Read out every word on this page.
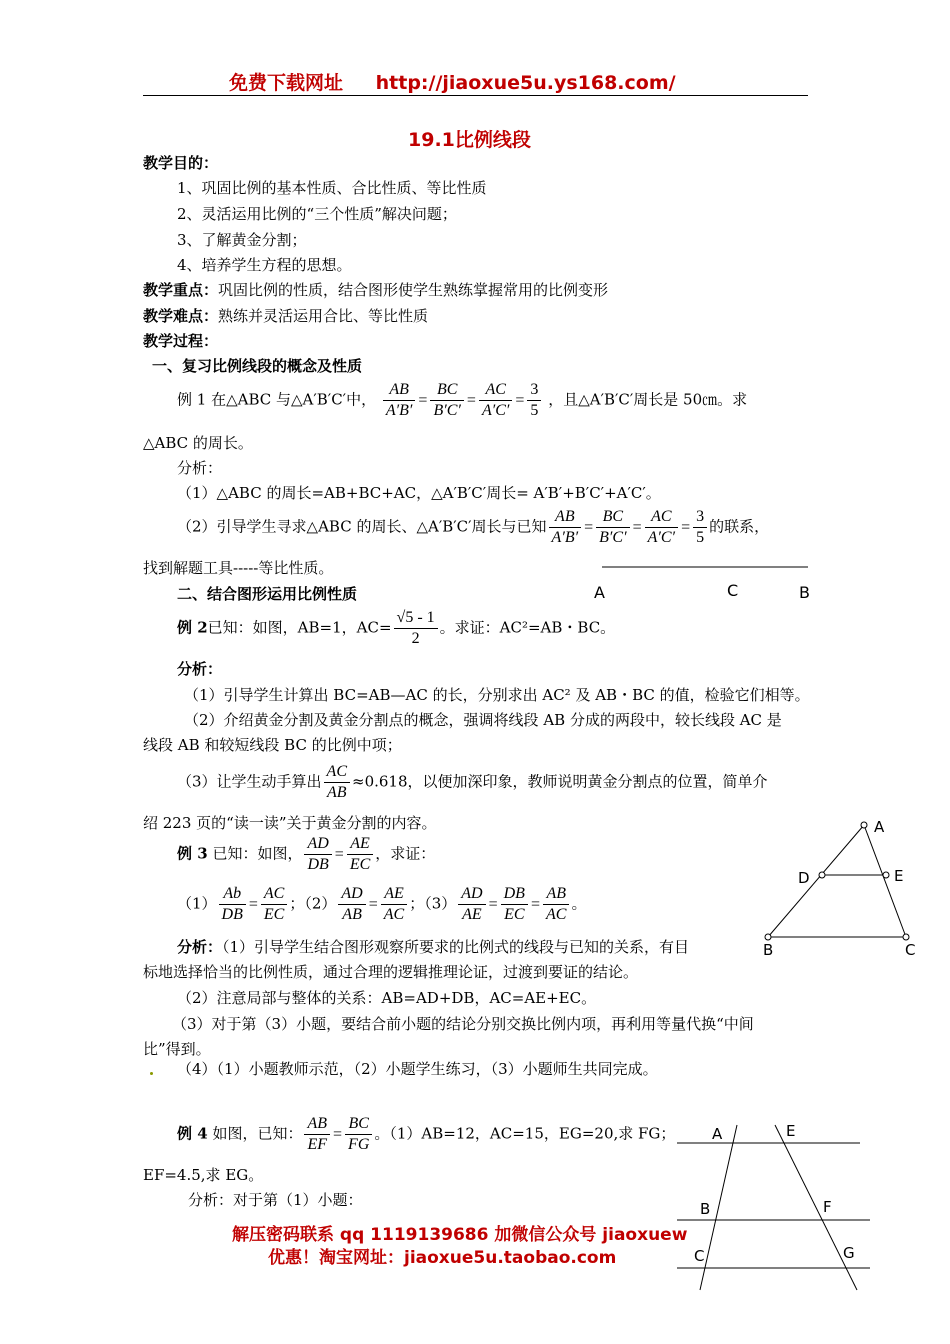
免费下载网址 http://jiaoxue5u.ys168.com/
19.1比例线段
教学目的：
1、巩固比例的基本性质、合比性质、等比性质
2、灵活运用比例的“三个性质”解决问题；
3、了解黄金分割；
4、培养学生方程的思想。
教学重点：巩固比例的性质，结合图形使学生熟练掌握常用的比例变形
教学难点：熟练并灵活运用合比、等比性质
教学过程：
一、复习比例线段的概念及性质
例 1 在△ABC 与△A′B′C′中， $\frac{AB}{A'B'} = \frac{BC}{B'C'} = \frac{AC}{A'C'} = \frac{3}{5}$ ，且△A′B′C′周长是 50㎝。求
△ABC 的周长。
分析：
（1）△ABC 的周长=AB+BC+AC，△A′B′C′周长= A′B′+B′C′+A′C′。
（2）引导学生寻求△ABC 的周长、△A′B′C′周长与已知 $\frac{AB}{A'B'} = \frac{BC}{B'C'} = \frac{AC}{A'C'} = \frac{3}{5}$ 的联系，
找到解题工具-----等比性质。
A	C	B
二、结合图形运用比例性质
例 2已知：如图，AB=1，$AC= \frac{√5 - 1}{2}$ 。求证：AC²=AB・BC。
分析：
（1）引导学生计算出 BC=AB—AC 的长，分别求出 AC² 及 AB・BC 的值，检验它们相等。
（2）介绍黄金分割及黄金分割点的概念，强调将线段 AB 分成的两段中，较长线段 AC 是
线段 AB 和较短线段 BC 的比例中项；
（3）让学生动手算出 $\frac{AC}{AB} \approx 0.618$，以便加深印象，教师说明黄金分割点的位置，简单介
绍 223 页的“读一读”关于黄金分割的内容。	A
D	E
B	C
例 3 已知：如图， $\frac{AD}{DB} = \frac{AE}{EC}$ ，求证：
$(1) \frac{Ab}{DB} = \frac{AC}{EC}$ ；$(2) \frac{AD}{AB} = \frac{AE}{AC}$ ；$(3) \frac{AD}{AE} = \frac{DB}{EC} = \frac{AB}{AC}$ 。
分析：（1）引导学生结合图形观察所要求的比例式的线段与已知的关系，有目
标地选择恰当的比例性质，通过合理的逻辑推理论证，过渡到要证的结论。
（2）注意局部与整体的关系：AB=AD+DB，AC=AE+EC。
（3）对于第（3）小题，要结合前小题的结论分别交换比例内项，再利用等量代换“中间
比”得到。
（4）（1）小题教师示范，（2）小题学生练习，（3）小题师生共同完成。
例 4 如图，已知： $\frac{AB}{EF} = \frac{BC}{FG}$ 。（1）AB=12，AC=15，EG=20,求 FG；
EF=4.5,求 EG。
分析：对于第（1）小题：
A	E
B	F
C	G
解压密码联系 qq 1119139686 加微信公众号 jiaoxuew
优惠！淘宝网址：jiaoxue5u.taobao.com
